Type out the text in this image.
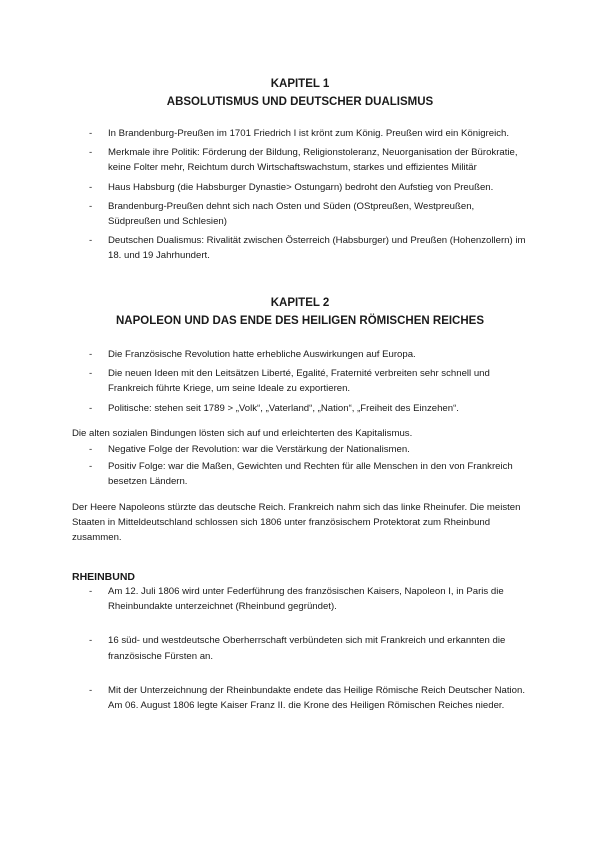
KAPITEL 1

ABSOLUTISMUS UND DEUTSCHER DUALISMUS

- In Brandenburg-Preußen im 1701 Friedrich I ist krönt zum König. Preußen wird ein Königreich.
- Merkmale ihre Politik: Förderung der Bildung, Religionstoleranz, Neuorganisation der Bürokratie, keine Folter mehr, Reichtum durch Wirtschaftswachstum, starkes und effizientes Militär
- Haus Habsburg (die Habsburger Dynastie> Ostungarn) bedroht den Aufstieg von Preußen.
- Brandenburg-Preußen dehnt sich nach Osten und Süden (OStpreußen, Westpreußen, Südpreußen und Schlesien)
- Deutschen Dualismus: Rivalität zwischen Österreich (Habsburger) und Preußen (Hohenzollern) im 18. und 19 Jahrhundert.

KAPITEL 2

NAPOLEON UND DAS ENDE DES HEILIGEN RÖMISCHEN REICHES

- Die Französische Revolution hatte erhebliche Auswirkungen auf Europa.
- Die neuen Ideen mit den Leitsätzen Liberté, Egalité, Fraternité verbreiten sehr schnell und Frankreich führte Kriege, um seine Ideale zu exportieren.
- Politische: stehen seit 1789 > „Volk“, „Vaterland“, „Nation“, „Freiheit des Einzehen“.

Die alten sozialen Bindungen lösten sich auf und erleichterten des Kapitalismus.

- Negative Folge der Revolution: war die Verstärkung der Nationalismen.
- Positiv Folge: war die Maßen, Gewichten und Rechten für alle Menschen in den von Frankreich besetzen Ländern.

Der Heere Napoleons stürzte das deutsche Reich. Frankreich nahm sich das linke Rheinufer. Die meisten Staaten in Mitteldeutschland schlossen sich 1806 unter französischem Protektorat zum Rheinbund zusammen.

RHEINBUND

- Am 12. Juli 1806 wird unter Federführung des französischen Kaisers, Napoleon I, in Paris die Rheinbundakte unterzeichnet (Rheinbund gegründet).
- 16 süd- und westdeutsche Oberherrschaft verbündeten sich mit Frankreich und erkannten die französische Fürsten an.
- Mit der Unterzeichnung der Rheinbundakte endete das Heilige Römische Reich Deutscher Nation. Am 06. August 1806 legte Kaiser Franz II. die Krone des Heiligen Römischen Reiches nieder.
